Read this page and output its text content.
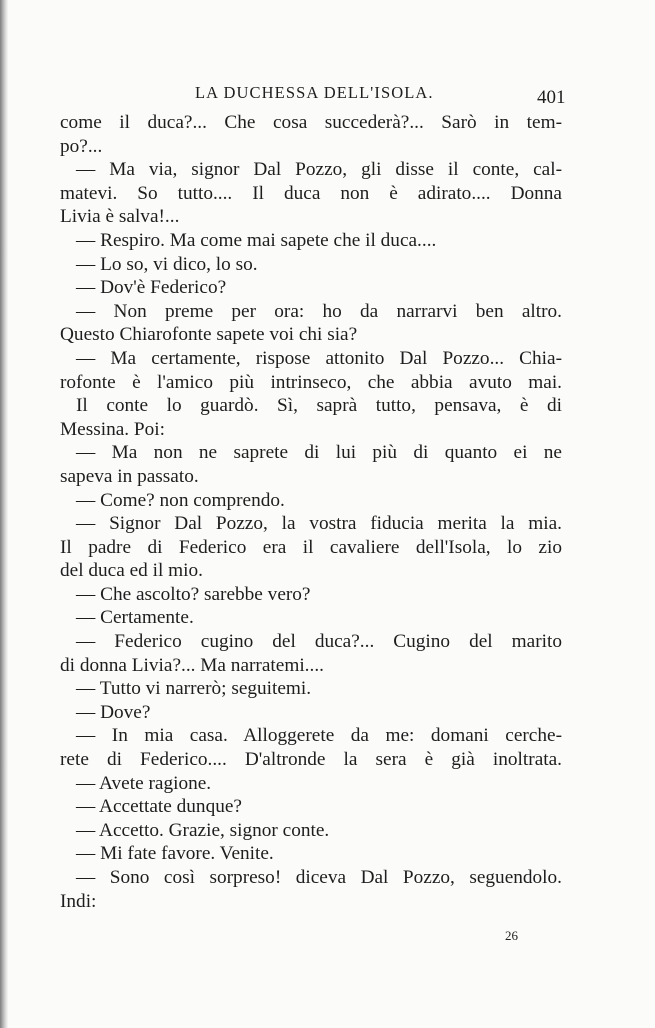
LA DUCHESSA DELL'ISOLA.	401
come il duca?... Che cosa succederà?... Sarò in tem-
po?...
— Ma via, signor Dal Pozzo, gli disse il conte, cal-
matevi. So tutto.... Il duca non è adirato.... Donna
Livia è salva!...
— Respiro. Ma come mai sapete che il duca....
— Lo so, vi dico, lo so.
— Dov'è Federico?
— Non preme per ora: ho da narrarvi ben altro.
Questo Chiarofonte sapete voi chi sia?
— Ma certamente, rispose attonito Dal Pozzo... Chia-
rofonte è l'amico più intrinseco, che abbia avuto mai.
Il conte lo guardò. Sì, saprà tutto, pensava, è di
Messina. Poi:
— Ma non ne saprete di lui più di quanto ei ne
sapeva in passato.
— Come? non comprendo.
— Signor Dal Pozzo, la vostra fiducia merita la mia.
Il padre di Federico era il cavaliere dell'Isola, lo zio
del duca ed il mio.
— Che ascolto? sarebbe vero?
— Certamente.
— Federico cugino del duca?... Cugino del marito
di donna Livia?... Ma narratemi....
— Tutto vi narrerò; seguitemi.
— Dove?
— In mia casa. Alloggerete da me: domani cerche-
rete di Federico.... D'altronde la sera è già inoltrata.
— Avete ragione.
— Accettate dunque?
— Accetto. Grazie, signor conte.
— Mi fate favore. Venite.
— Sono così sorpreso! diceva Dal Pozzo, seguendolo.
Indi:
26
